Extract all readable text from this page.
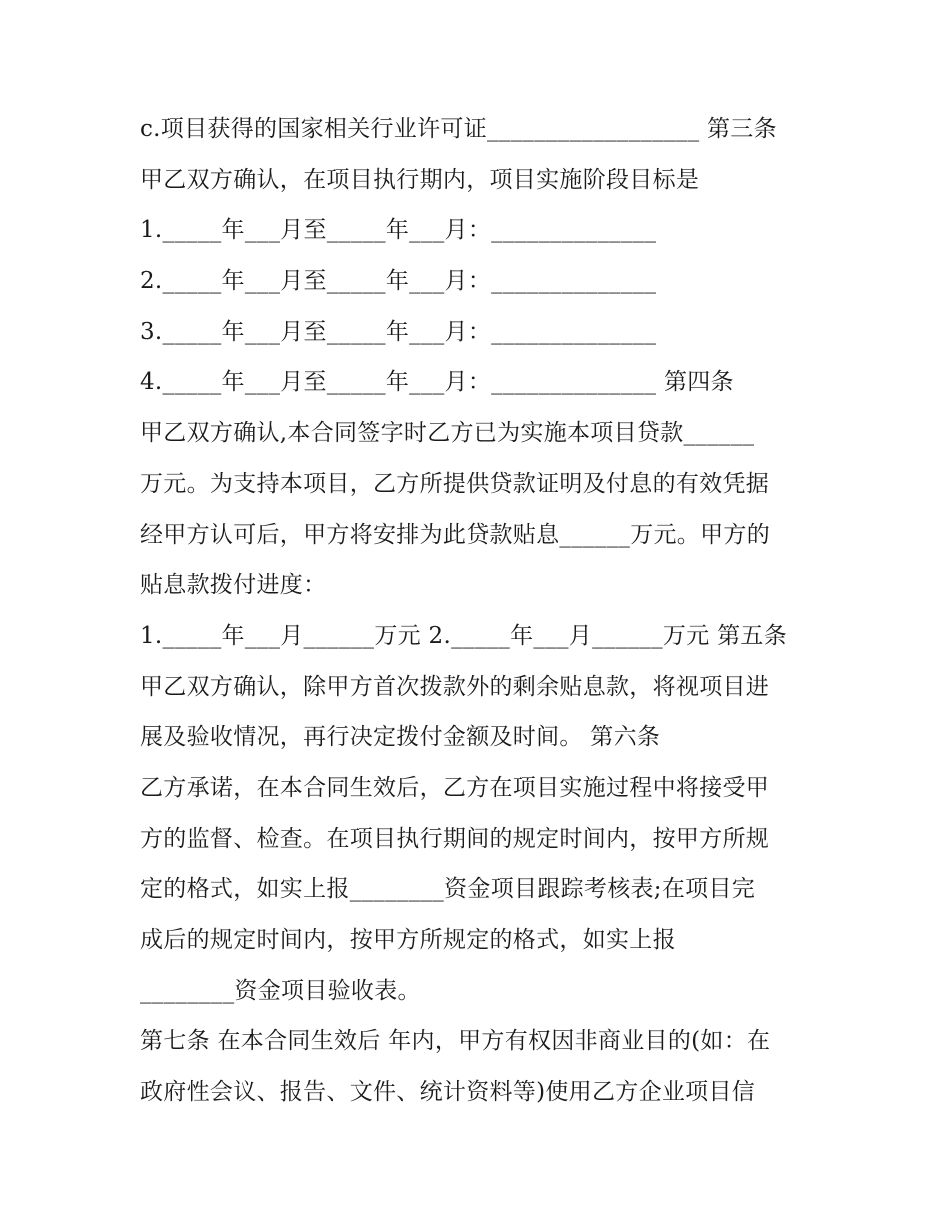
c.项目获得的国家相关行业许可证__________________ 第三条
甲乙双方确认，在项目执行期内，项目实施阶段目标是
1._____年___月至_____年___月：______________
2._____年___月至_____年___月：______________
3._____年___月至_____年___月：______________
4._____年___月至_____年___月：______________ 第四条
甲乙双方确认,本合同签字时乙方已为实施本项目贷款______
万元。为支持本项目，乙方所提供贷款证明及付息的有效凭据
经甲方认可后，甲方将安排为此贷款贴息______万元。甲方的
贴息款拨付进度：
1._____年___月______万元 2._____年___月______万元 第五条
甲乙双方确认，除甲方首次拨款外的剩余贴息款，将视项目进
展及验收情况，再行决定拨付金额及时间。 第六条
乙方承诺，在本合同生效后，乙方在项目实施过程中将接受甲
方的监督、检查。在项目执行期间的规定时间内，按甲方所规
定的格式，如实上报________资金项目跟踪考核表;在项目完
成后的规定时间内，按甲方所规定的格式，如实上报
________资金项目验收表。
第七条 在本合同生效后 年内，甲方有权因非商业目的(如：在
政府性会议、报告、文件、统计资料等)使用乙方企业项目信
